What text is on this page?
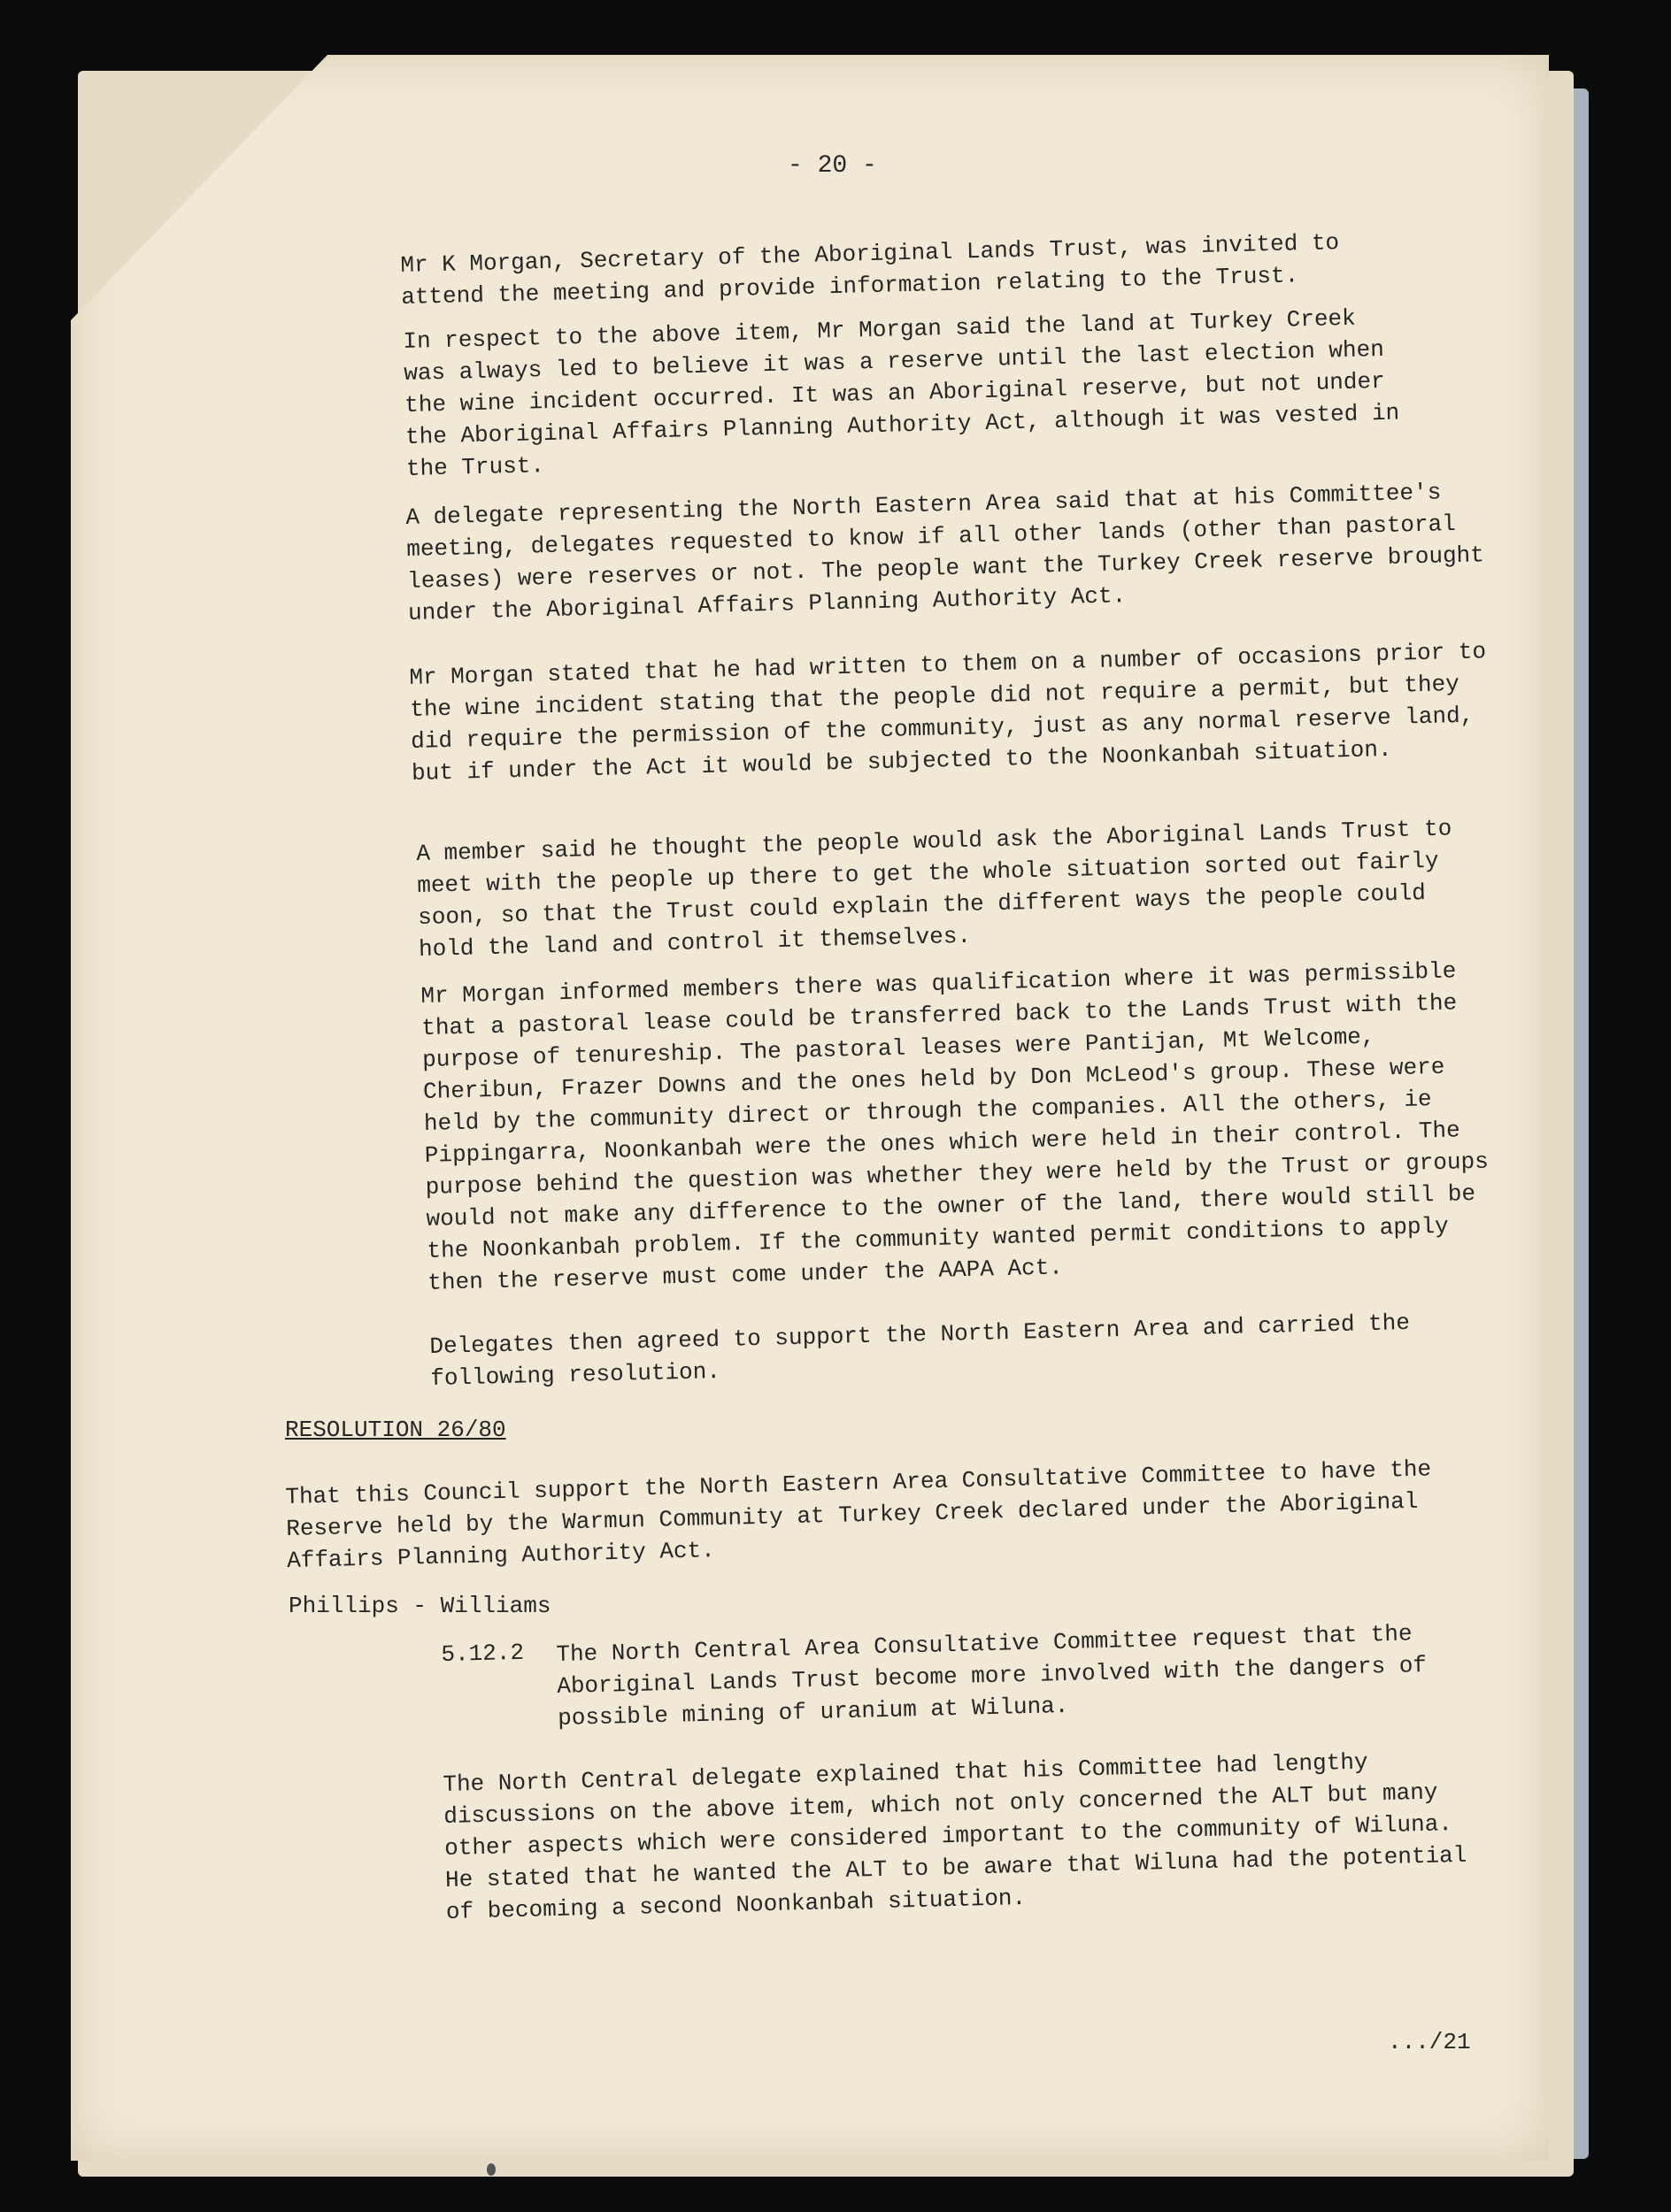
- 20 -

Mr K Morgan, Secretary of the Aboriginal Lands Trust, was invited to attend the meeting and provide information relating to the Trust.

In respect to the above item, Mr Morgan said the land at Turkey Creek was always led to believe it was a reserve until the last election when the wine incident occurred. It was an Aboriginal reserve, but not under the Aboriginal Affairs Planning Authority Act, although it was vested in the Trust.

A delegate representing the North Eastern Area said that at his Committee's meeting, delegates requested to know if all other lands (other than pastoral leases) were reserves or not. The people want the Turkey Creek reserve brought under the Aboriginal Affairs Planning Authority Act.

Mr Morgan stated that he had written to them on a number of occasions prior to the wine incident stating that the people did not require a permit, but they did require the permission of the community, just as any normal reserve land, but if under the Act it would be subjected to the Noonkanbah situation.

A member said he thought the people would ask the Aboriginal Lands Trust to meet with the people up there to get the whole situation sorted out fairly soon, so that the Trust could explain the different ways the people could hold the land and control it themselves.

Mr Morgan informed members there was qualification where it was permissible that a pastoral lease could be transferred back to the Lands Trust with the purpose of tenureship. The pastoral leases were Pantijan, Mt Welcome, Cheribun, Frazer Downs and the ones held by Don McLeod's group. These were held by the community direct or through the companies. All the others, ie Pippingarra, Noonkanbah were the ones which were held in their control. The purpose behind the question was whether they were held by the Trust or groups would not make any difference to the owner of the land, there would still be the Noonkanbah problem. If the community wanted permit conditions to apply then the reserve must come under the AAPA Act.

Delegates then agreed to support the North Eastern Area and carried the following resolution.

RESOLUTION 26/80

That this Council support the North Eastern Area Consultative Committee to have the Reserve held by the Warmun Community at Turkey Creek declared under the Aboriginal Affairs Planning Authority Act.

Phillips - Williams
5.12.2 The North Central Area Consultative Committee request that the Aboriginal Lands Trust become more involved with the dangers of possible mining of uranium at Wiluna.

The North Central delegate explained that his Committee had lengthy discussions on the above item, which not only concerned the ALT but many other aspects which were considered important to the community of Wiluna. He stated that he wanted the ALT to be aware that Wiluna had the potential of becoming a second Noonkanbah situation.

.../21
